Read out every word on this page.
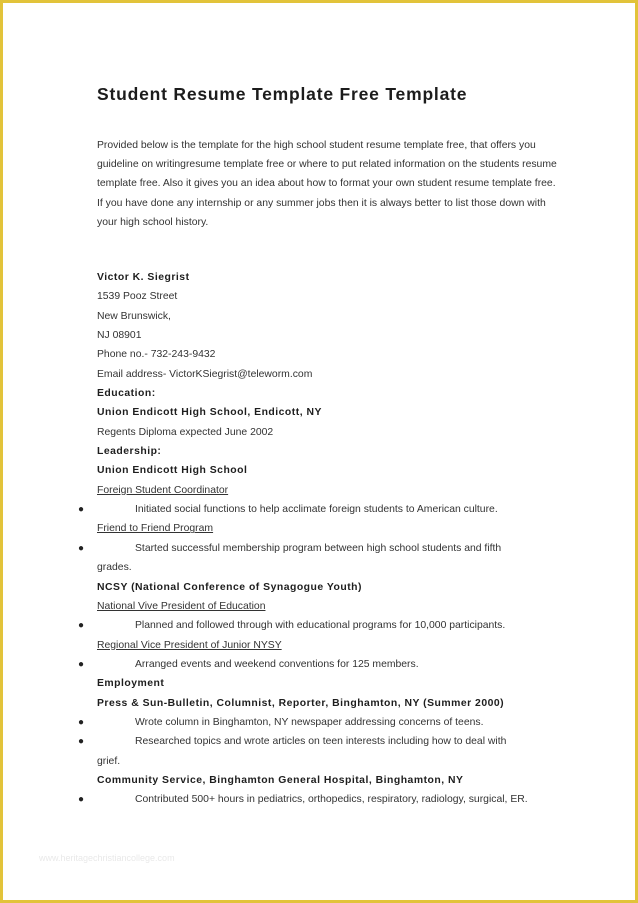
Student Resume Template Free Template

Provided below is the template for the high school student resume template free, that offers you guideline on writingresume template free or where to put related information on the students resume template free. Also it gives you an idea about how to format your own student resume template free.

If you have done any internship or any summer jobs then it is always better to list those down with your high school history.

Victor K. Siegrist
1539 Pooz Street
New Brunswick,
NJ 08901
Phone no.- 732-243-9432
Email address- VictorKSiegrist@teleworm.com
Education:
Union Endicott High School, Endicott, NY
Regents Diploma expected June 2002
Leadership:
Union Endicott High School
Foreign Student Coordinator
●	Initiated social functions to help acclimate foreign students to American culture.
Friend to Friend Program
●	Started successful membership program between high school students and fifth
grades.
NCSY (National Conference of Synagogue Youth)
National Vive President of Education
●	Planned and followed through with educational programs for 10,000 participants.
Regional Vice President of Junior NYSY
●	Arranged events and weekend conventions for 125 members.
Employment
Press & Sun-Bulletin, Columnist, Reporter, Binghamton, NY (Summer 2000)
●	Wrote column in Binghamton, NY newspaper addressing concerns of teens.
●	Researched topics and wrote articles on teen interests including how to deal with
grief.
Community Service, Binghamton General Hospital, Binghamton, NY
●	Contributed 500+ hours in pediatrics, orthopedics, respiratory, radiology, surgical, ER.
www.heritagechristiancollege.com
